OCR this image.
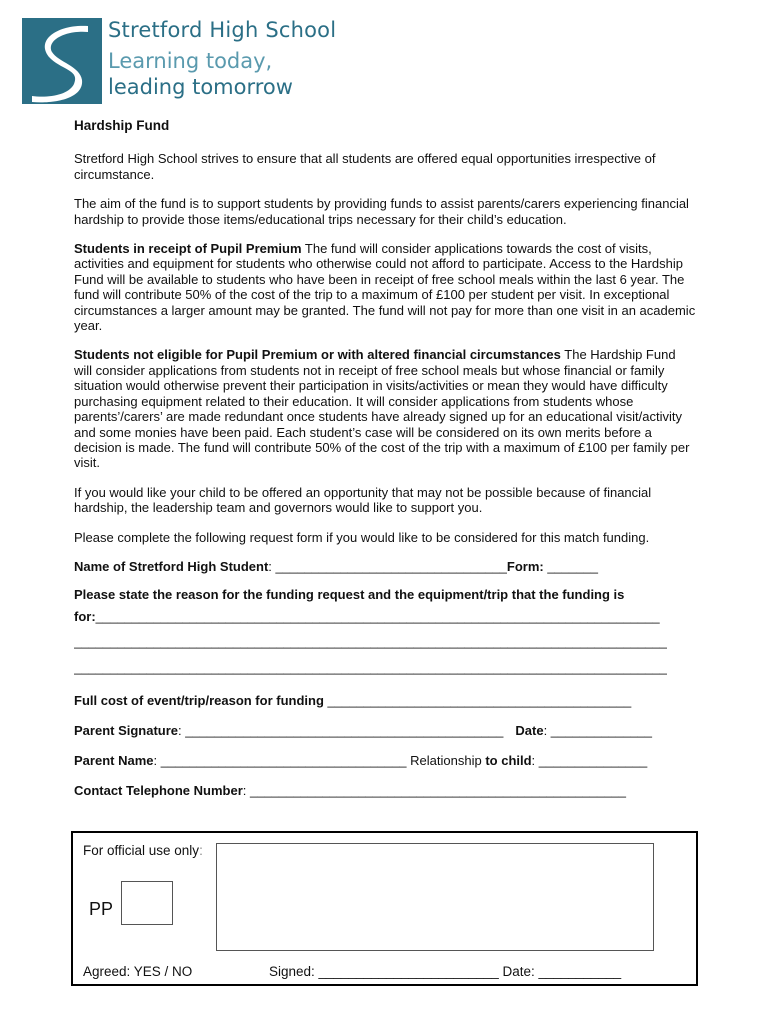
Stretford High School
Learning today,
leading tomorrow
Hardship Fund

Stretford High School strives to ensure that all students are offered equal opportunities irrespective of circumstance.

The aim of the fund is to support students by providing funds to assist parents/carers experiencing financial hardship to provide those items/educational trips necessary for their child’s education.

Students in receipt of Pupil Premium The fund will consider applications towards the cost of visits, activities and equipment for students who otherwise could not afford to participate. Access to the Hardship Fund will be available to students who have been in receipt of free school meals within the last 6 year. The fund will contribute 50% of the cost of the trip to a maximum of £100 per student per visit. In exceptional circumstances a larger amount may be granted. The fund will not pay for more than one visit in an academic year.

Students not eligible for Pupil Premium or with altered financial circumstances The Hardship Fund will consider applications from students not in receipt of free school meals but whose financial or family situation would otherwise prevent their participation in visits/activities or mean they would have difficulty purchasing equipment related to their education. It will consider applications from students whose parents’/carers’ are made redundant once students have already signed up for an educational visit/activity and some monies have been paid. Each student’s case will be considered on its own merits before a decision is made. The fund will contribute 50% of the cost of the trip with a maximum of £100 per family per visit.

If you would like your child to be offered an opportunity that may not be possible because of financial hardship, the leadership team and governors would like to support you.

Please complete the following request form if you would like to be considered for this match funding.

Name of Stretford High Student: ________________________________Form: _______
Please state the reason for the funding request and the equipment/trip that the funding is
for:______________________________________________________________________________
__________________________________________________________________________________
__________________________________________________________________________________
Full cost of event/trip/reason for funding __________________________________________
Parent Signature: ____________________________________________ Date: ______________
Parent Name: __________________________________ Relationship to child: _______________
Contact Telephone Number: ____________________________________________________
For official use only:
PP
Agreed: YES / NO	Signed: ________________________ Date: ___________
